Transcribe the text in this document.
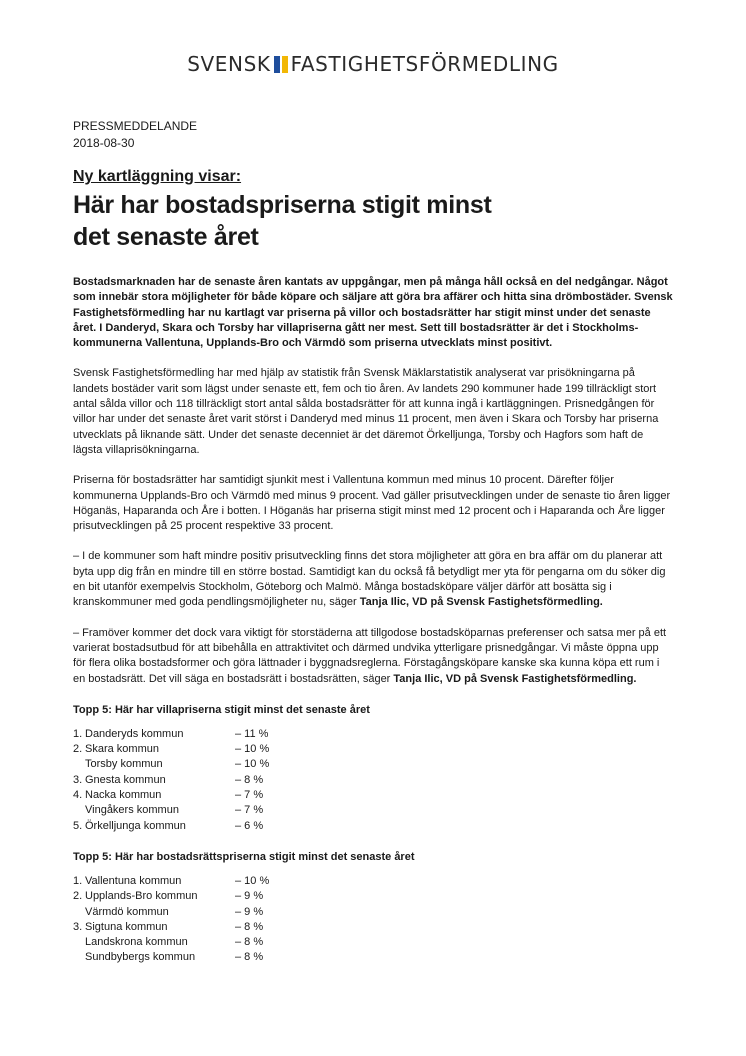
SVENSK FASTIGHETSFÖRMEDLING
PRESSMEDDELANDE
2018-08-30
Ny kartläggning visar:
Här har bostadspriserna stigit minst
det senaste året

Bostadsmarknaden har de senaste åren kantats av uppgångar, men på många håll också en del nedgångar. Något som innebär stora möjligheter för både köpare och säljare att göra bra affärer och hitta sina drömbostäder. Svensk Fastighetsförmedling har nu kartlagt var priserna på villor och bostadsrätter har stigit minst under det senaste året. I Danderyd, Skara och Torsby har villapriserna gått ner mest. Sett till bostadsrätter är det i Stockholms-kommunerna Vallentuna, Upplands-Bro och Värmdö som priserna utvecklats minst positivt.

Svensk Fastighetsförmedling har med hjälp av statistik från Svensk Mäklarstatistik analyserat var prisökningarna på landets bostäder varit som lägst under senaste ett, fem och tio åren. Av landets 290 kommuner hade 199 tillräckligt stort antal sålda villor och 118 tillräckligt stort antal sålda bostadsrätter för att kunna ingå i kartläggningen. Prisnedgången för villor har under det senaste året varit störst i Danderyd med minus 11 procent, men även i Skara och Torsby har priserna utvecklats på liknande sätt. Under det senaste decenniet är det däremot Örkelljunga, Torsby och Hagfors som haft de lägsta villaprisökningarna.

Priserna för bostadsrätter har samtidigt sjunkit mest i Vallentuna kommun med minus 10 procent. Därefter följer kommunerna Upplands-Bro och Värmdö med minus 9 procent. Vad gäller prisutvecklingen under de senaste tio åren ligger Höganäs, Haparanda och Åre i botten. I Höganäs har priserna stigit minst med 12 procent och i Haparanda och Åre ligger prisutvecklingen på 25 procent respektive 33 procent.

– I de kommuner som haft mindre positiv prisutveckling finns det stora möjligheter att göra en bra affär om du planerar att byta upp dig från en mindre till en större bostad. Samtidigt kan du också få betydligt mer yta för pengarna om du söker dig en bit utanför exempelvis Stockholm, Göteborg och Malmö. Många bostadsköpare väljer därför att bosätta sig i kranskommuner med goda pendlingsmöjligheter nu, säger Tanja Ilic, VD på Svensk Fastighetsförmedling.

– Framöver kommer det dock vara viktigt för storstäderna att tillgodose bostadsköparnas preferenser och satsa mer på ett varierat bostadsutbud för att bibehålla en attraktivitet och därmed undvika ytterligare prisnedgångar. Vi måste öppna upp för flera olika bostadsformer och göra lättnader i byggnadsreglerna. Förstagångsköpare kanske ska kunna köpa ett rum i en bostadsrätt. Det vill säga en bostadsrätt i bostadsrätten, säger Tanja Ilic, VD på Svensk Fastighetsförmedling.

Topp 5: Här har villapriserna stigit minst det senaste året
1.	Danderyds kommun	– 11 %
2.	Skara kommun	– 10 %
	Torsby kommun	– 10 %
3.	Gnesta kommun	– 8 %
4.	Nacka kommun	– 7 %
	Vingåkers kommun	– 7 %
5.	Örkelljunga kommun	– 6 %
Topp 5: Här har bostadsrättspriserna stigit minst det senaste året
1.	Vallentuna kommun	– 10 %
2.	Upplands-Bro kommun	– 9 %
	Värmdö kommun	– 9 %
3.	Sigtuna kommun	– 8 %
	Landskrona kommun	– 8 %
	Sundbybergs kommun	– 8 %
